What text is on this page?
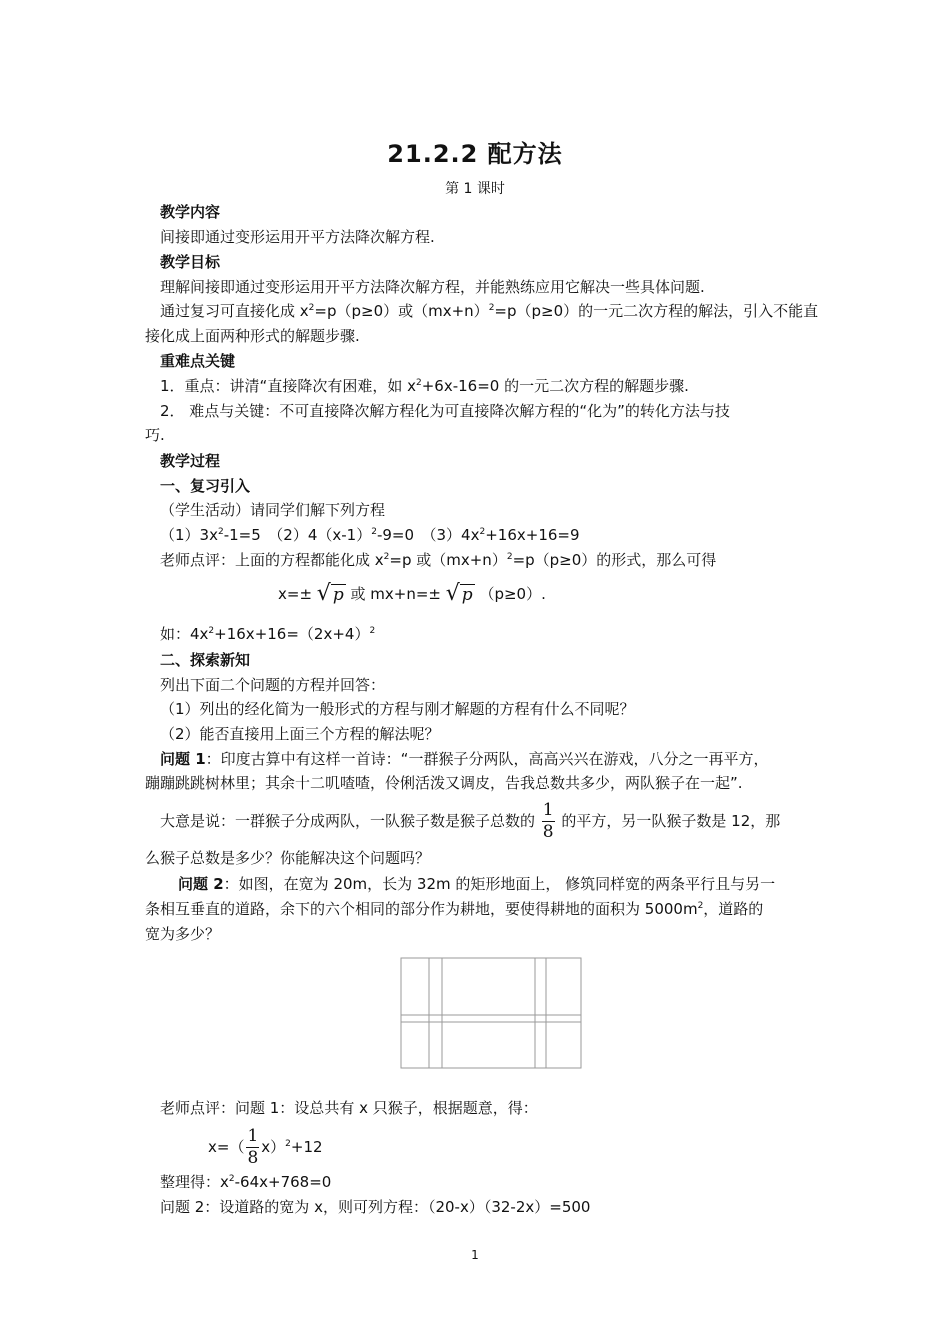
21.2.2 配方法
第 1 课时
教学内容
间接即通过变形运用开平方法降次解方程.
教学目标
理解间接即通过变形运用开平方法降次解方程，并能熟练应用它解决一些具体问题.
通过复习可直接化成 $x^2=p(p\ge 0)$或$(mx+n)^2=p(p\ge 0)$的一元二次方程的解法，引入不能直
接化成上面两种形式的解题步骤.
重难点关键
1．重点：讲清“直接降次有困难，如 $x^2+6x-16=0$ 的一元二次方程的解题步骤.
2． 难点与关键：不可直接降次解方程化为可直接降次解方程的“化为”的转化方法与技
巧.
教学过程
一、复习引入
（学生活动）请同学们解下列方程
$(1)3x^2-1=5$　$(2)4(x-1)^2-9=0$　$(3)4x^2+16x+16=9$
老师点评：上面的方程都能化成 $x^2=p$ 或$(mx+n)^2=p(p\ge 0)$的形式，那么可得
x=± √ p 或 mx+n=± √ p （p≥0）.
如：$4x^2+16x+16=(2x+4)^2$
二、探索新知
列出下面二个问题的方程并回答：
（1）列出的经化简为一般形式的方程与刚才解题的方程有什么不同呢？
（2）能否直接用上面三个方程的解法呢？
问题 1：印度古算中有这样一首诗：“一群猴子分两队，高高兴兴在游戏，八分之一再平方，
蹦蹦跳跳树林里；其余十二叽喳喳，伶俐活泼又调皮，告我总数共多少，两队猴子在一起”.
大意是说：一群猴子分成两队，一队猴子数是猴子总数的 $\frac{1}{8}$ 的平方，另一队猴子数是 12，那
么猴子总数是多少？你能解决这个问题吗？
问题 2：如图，在宽为 20m，长为 32m 的矩形地面上， 修筑同样宽的两条平行且与另一
条相互垂直的道路，余下的六个相同的部分作为耕地，要使得耕地的面积为 $5000m^2$，道路的
宽为多少？
老师点评：问题 1：设总共有 x 只猴子，根据题意，得：
$x=( \frac{1}{8} x)^2+12$
整理得：$x^2-64x+768=0$
问题 2：设道路的宽为 x，则可列方程：（20-x）（32-2x）=500
1
